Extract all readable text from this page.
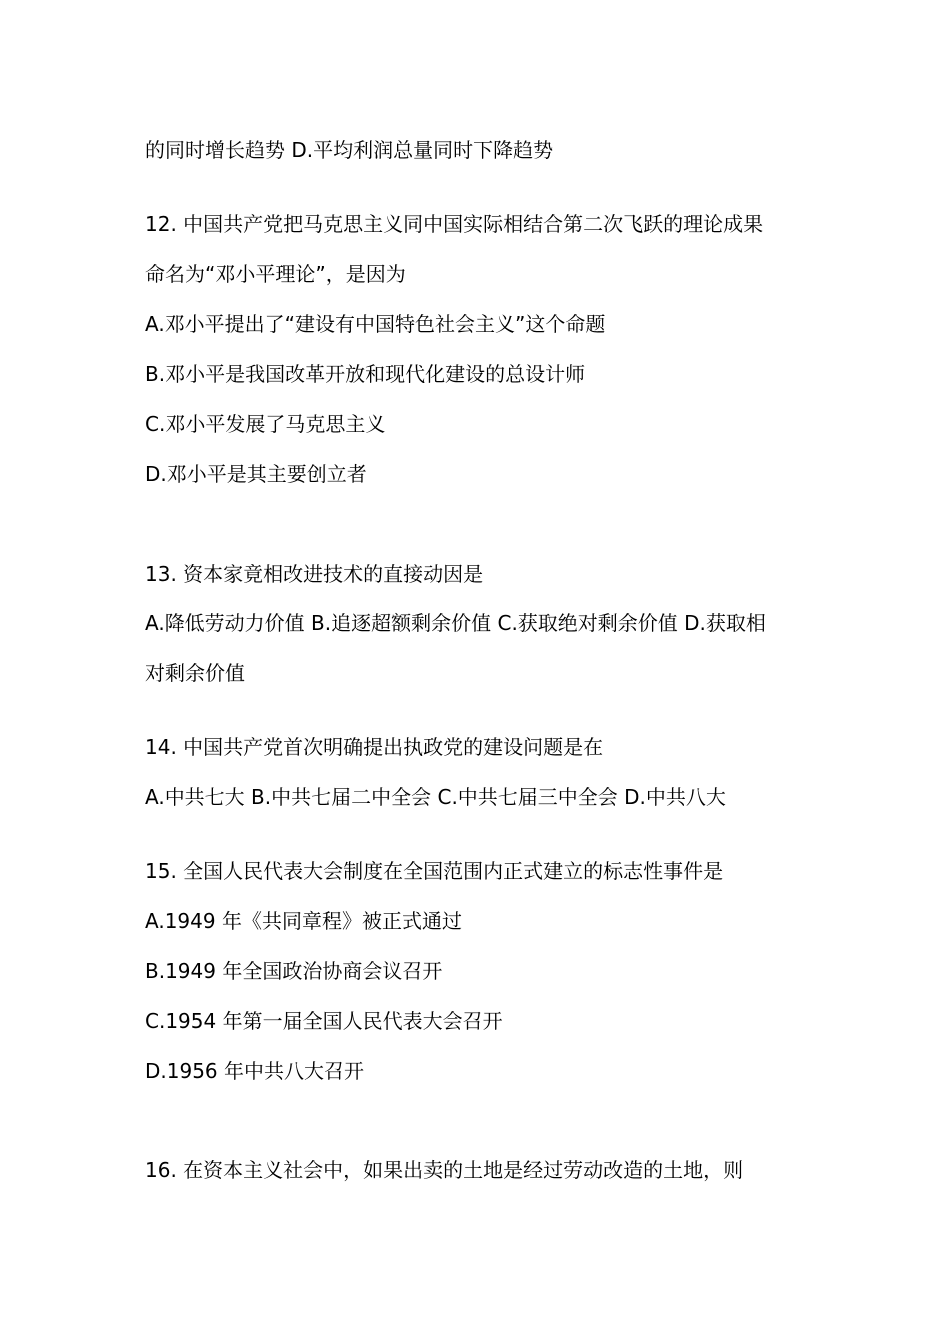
的同时增长趋势 D.平均利润总量同时下降趋势
12. 中国共产党把马克思主义同中国实际相结合第二次飞跃的理论成果
命名为“邓小平理论”，是因为
A.邓小平提出了“建设有中国特色社会主义”这个命题
B.邓小平是我国改革开放和现代化建设的总设计师
C.邓小平发展了马克思主义
D.邓小平是其主要创立者
13. 资本家竟相改进技术的直接动因是
A.降低劳动力价值 B.追逐超额剩余价值 C.获取绝对剩余价值 D.获取相
对剩余价值
14. 中国共产党首次明确提出执政党的建设问题是在
A.中共七大 B.中共七届二中全会 C.中共七届三中全会 D.中共八大
15. 全国人民代表大会制度在全国范围内正式建立的标志性事件是
A.1949 年《共同章程》被正式通过
B.1949 年全国政治协商会议召开
C.1954 年第一届全国人民代表大会召开
D.1956 年中共八大召开
16. 在资本主义社会中，如果出卖的土地是经过劳动改造的土地，则
